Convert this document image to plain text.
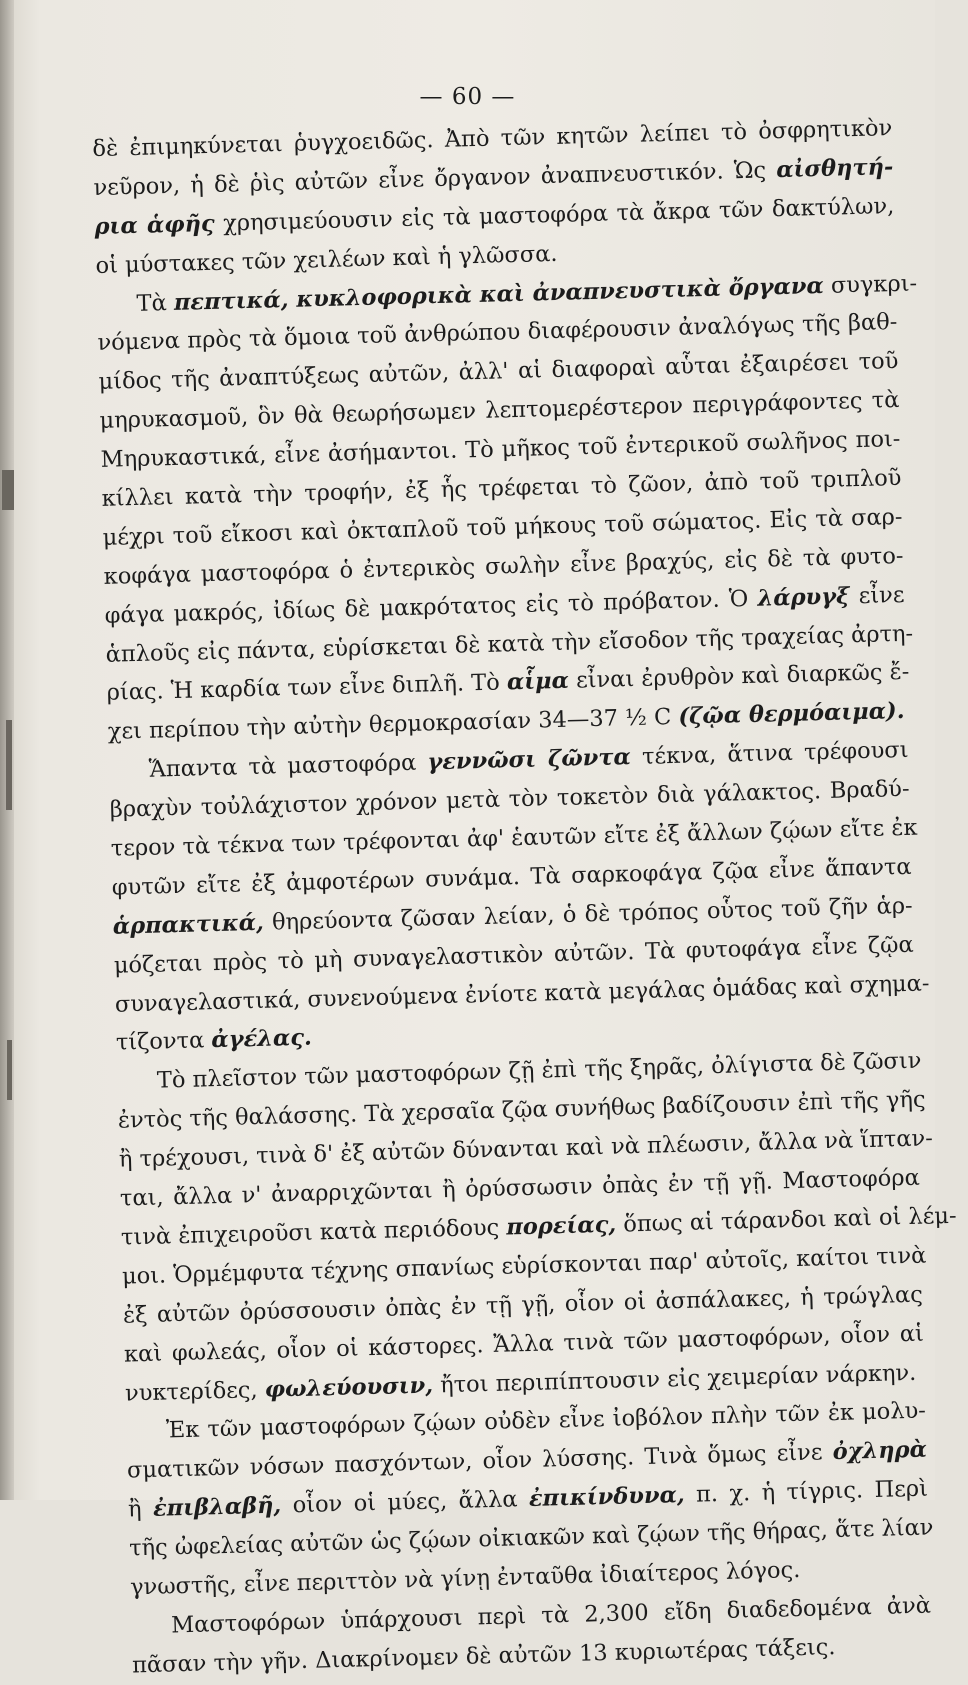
— 60 —
δὲ ἐπιμηκύνεται ῥυγχοειδῶς. Ἀπὸ τῶν κητῶν λείπει τὸ ὀσφρητικὸν
νεῦρον, ἡ δὲ ῥὶς αὐτῶν εἶνε ὄργανον ἀναπνευστικόν. Ὡς αἰσθητή-
ρια ἁφῆς χρησιμεύουσιν εἰς τὰ μαστοφόρα τὰ ἄκρα τῶν δακτύλων,
οἱ μύστακες τῶν χειλέων καὶ ἡ γλῶσσα.
Τὰ πεπτικά, κυκλοφορικὰ καὶ ἀναπνευστικὰ ὄργανα συγκρι-
νόμενα πρὸς τὰ ὅμοια τοῦ ἀνθρώπου διαφέρουσιν ἀναλόγως τῆς βαθ-
μίδος τῆς ἀναπτύξεως αὐτῶν, ἀλλ' αἱ διαφοραὶ αὗται ἐξαιρέσει τοῦ
μηρυκασμοῦ, ὃν θὰ θεωρήσωμεν λεπτομερέστερον περιγράφοντες τὰ
Μηρυκαστικά, εἶνε ἀσήμαντοι. Τὸ μῆκος τοῦ ἐντερικοῦ σωλῆνος ποι-
κίλλει κατὰ τὴν τροφήν, ἐξ ἧς τρέφεται τὸ ζῶον, ἀπὸ τοῦ τριπλοῦ
μέχρι τοῦ εἴκοσι καὶ ὀκταπλοῦ τοῦ μήκους τοῦ σώματος. Εἰς τὰ σαρ-
κοφάγα μαστοφόρα ὁ ἐντερικὸς σωλὴν εἶνε βραχύς, εἰς δὲ τὰ φυτο-
φάγα μακρός, ἰδίως δὲ μακρότατος εἰς τὸ πρόβατον. Ὁ λάρυγξ εἶνε
ἁπλοῦς εἰς πάντα, εὑρίσκεται δὲ κατὰ τὴν εἴσοδον τῆς τραχείας ἀρτη-
ρίας. Ἡ καρδία των εἶνε διπλῆ. Τὸ αἷμα εἶναι ἐρυθρὸν καὶ διαρκῶς ἔ-
χει περίπου τὴν αὐτὴν θερμοκρασίαν 34—37 ½ C (ζῷα θερμόαιμα).
Ἅπαντα τὰ μαστοφόρα γεννῶσι ζῶντα τέκνα, ἅτινα τρέφουσι
βραχὺν τοὐλάχιστον χρόνον μετὰ τὸν τοκετὸν διὰ γάλακτος. Βραδύ-
τερον τὰ τέκνα των τρέφονται ἀφ' ἑαυτῶν εἴτε ἐξ ἄλλων ζῴων εἴτε ἐκ
φυτῶν εἴτε ἐξ ἀμφοτέρων συνάμα. Τὰ σαρκοφάγα ζῷα εἶνε ἅπαντα
ἁρπακτικά, θηρεύοντα ζῶσαν λείαν, ὁ δὲ τρόπος οὗτος τοῦ ζῆν ἁρ-
μόζεται πρὸς τὸ μὴ συναγελαστικὸν αὐτῶν. Τὰ φυτοφάγα εἶνε ζῷα
συναγελαστικά, συνενούμενα ἐνίοτε κατὰ μεγάλας ὁμάδας καὶ σχημα-
τίζοντα ἀγέλας.
Τὸ πλεῖστον τῶν μαστοφόρων ζῇ ἐπὶ τῆς ξηρᾶς, ὀλίγιστα δὲ ζῶσιν
ἐντὸς τῆς θαλάσσης. Τὰ χερσαῖα ζῷα συνήθως βαδίζουσιν ἐπὶ τῆς γῆς
ἢ τρέχουσι, τινὰ δ' ἐξ αὐτῶν δύνανται καὶ νὰ πλέωσιν, ἄλλα νὰ ἵπταν-
ται, ἄλλα ν' ἀναρριχῶνται ἢ ὀρύσσωσιν ὀπὰς ἐν τῇ γῇ. Μαστοφόρα
τινὰ ἐπιχειροῦσι κατὰ περιόδους πορείας, ὅπως αἱ τάρανδοι καὶ οἱ λέμ-
μοι. Ὁρμέμφυτα τέχνης σπανίως εὑρίσκονται παρ' αὐτοῖς, καίτοι τινὰ
ἐξ αὐτῶν ὀρύσσουσιν ὀπὰς ἐν τῇ γῇ, οἷον οἱ ἀσπάλακες, ἡ τρώγλας
καὶ φωλεάς, οἷον οἱ κάστορες. Ἄλλα τινὰ τῶν μαστοφόρων, οἷον αἱ
νυκτερίδες, φωλεύουσιν, ἤτοι περιπίπτουσιν εἰς χειμερίαν νάρκην.
Ἐκ τῶν μαστοφόρων ζῴων οὐδὲν εἶνε ἰοβόλον πλὴν τῶν ἐκ μολυ-
σματικῶν νόσων πασχόντων, οἷον λύσσης. Τινὰ ὅμως εἶνε ὀχληρὰ
ἢ ἐπιβλαβῆ, οἷον οἱ μύες, ἄλλα ἐπικίνδυνα, π. χ. ἡ τίγρις. Περὶ
τῆς ὠφελείας αὐτῶν ὡς ζῴων οἰκιακῶν καὶ ζῴων τῆς θήρας, ἅτε λίαν
γνωστῆς, εἶνε περιττὸν νὰ γίνῃ ἐνταῦθα ἰδιαίτερος λόγος.
Μαστοφόρων ὑπάρχουσι περὶ τὰ 2,300 εἴδη διαδεδομένα ἀνὰ
πᾶσαν τὴν γῆν. Διακρίνομεν δὲ αὐτῶν 13 κυριωτέρας τάξεις.
